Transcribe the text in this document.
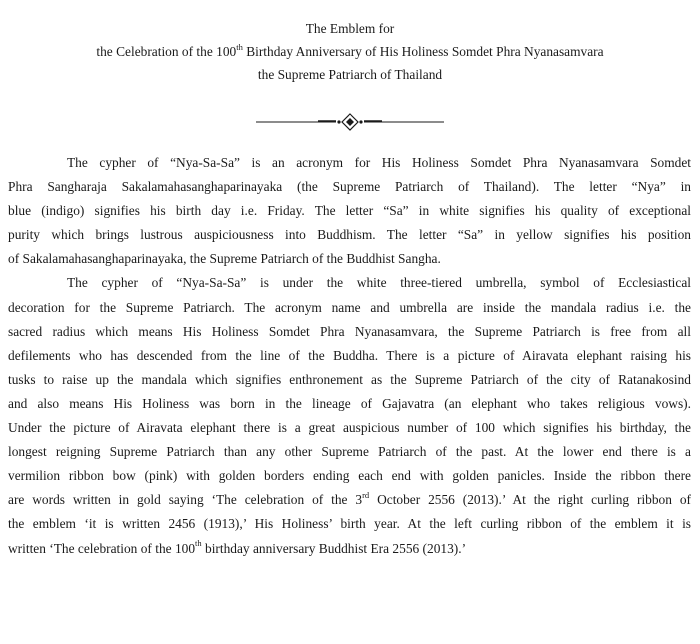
The Emblem for
the Celebration of the 100th Birthday Anniversary of His Holiness Somdet Phra Nyanasamvara
the Supreme Patriarch of Thailand

The cypher of “Nya-Sa-Sa” is an acronym for His Holiness Somdet Phra Nyanasamvara Somdet
Phra Sangharaja Sakalamahasanghaparinayaka (the Supreme Patriarch of Thailand). The letter “Nya” in
blue (indigo) signifies his birth day i.e. Friday. The letter “Sa” in white signifies his quality of exceptional
purity which brings lustrous auspiciousness into Buddhism. The letter “Sa” in yellow signifies his position
of Sakalamahasanghaparinayaka, the Supreme Patriarch of the Buddhist Sangha.

The cypher of “Nya-Sa-Sa” is under the white three-tiered umbrella, symbol of Ecclesiastical
decoration for the Supreme Patriarch. The acronym name and umbrella are inside the mandala radius i.e. the
sacred radius which means His Holiness Somdet Phra Nyanasamvara, the Supreme Patriarch is free from all
defilements who has descended from the line of the Buddha. There is a picture of Airavata elephant raising his
tusks to raise up the mandala which signifies enthronement as the Supreme Patriarch of the city of Ratanakosind
and also means His Holiness was born in the lineage of Gajavatra (an elephant who takes religious vows).
Under the picture of Airavata elephant there is a great auspicious number of 100 which signifies his birthday, the
longest reigning Supreme Patriarch than any other Supreme Patriarch of the past. At the lower end there is a
vermilion ribbon bow (pink) with golden borders ending each end with golden panicles. Inside the ribbon there
are words written in gold saying ‘The celebration of the 3rd October 2556 (2013).’ At the right curling ribbon of
the emblem ‘it is written 2456 (1913),’ His Holiness’ birth year. At the left curling ribbon of the emblem it is
written ‘The celebration of the 100th birthday anniversary Buddhist Era 2556 (2013).’
